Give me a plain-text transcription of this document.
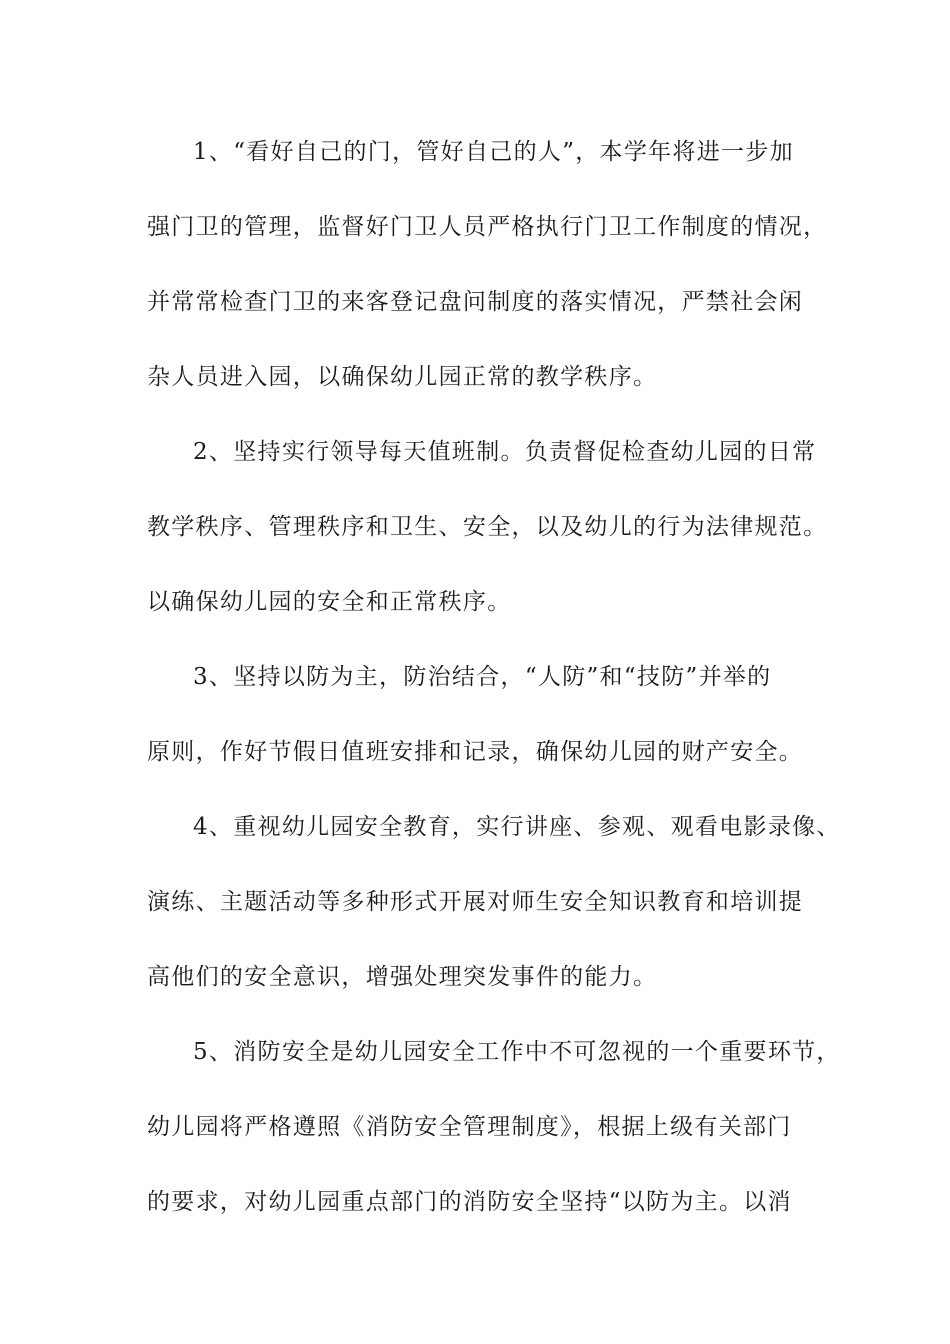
1、“看好自己的门，管好自己的人”，本学年将进一步加
强门卫的管理，监督好门卫人员严格执行门卫工作制度的情况，
并常常检查门卫的来客登记盘问制度的落实情况，严禁社会闲
杂人员进入园，以确保幼儿园正常的教学秩序。
2、坚持实行领导每天值班制。负责督促检查幼儿园的日常
教学秩序、管理秩序和卫生、安全，以及幼儿的行为法律规范。
以确保幼儿园的安全和正常秩序。
3、坚持以防为主，防治结合，“人防”和“技防”并举的
原则，作好节假日值班安排和记录，确保幼儿园的财产安全。
4、重视幼儿园安全教育，实行讲座、参观、观看电影录像、
演练、主题活动等多种形式开展对师生安全知识教育和培训提
高他们的安全意识，增强处理突发事件的能力。
5、消防安全是幼儿园安全工作中不可忽视的一个重要环节，
幼儿园将严格遵照《消防安全管理制度》，根据上级有关部门
的要求，对幼儿园重点部门的消防安全坚持“以防为主。以消
